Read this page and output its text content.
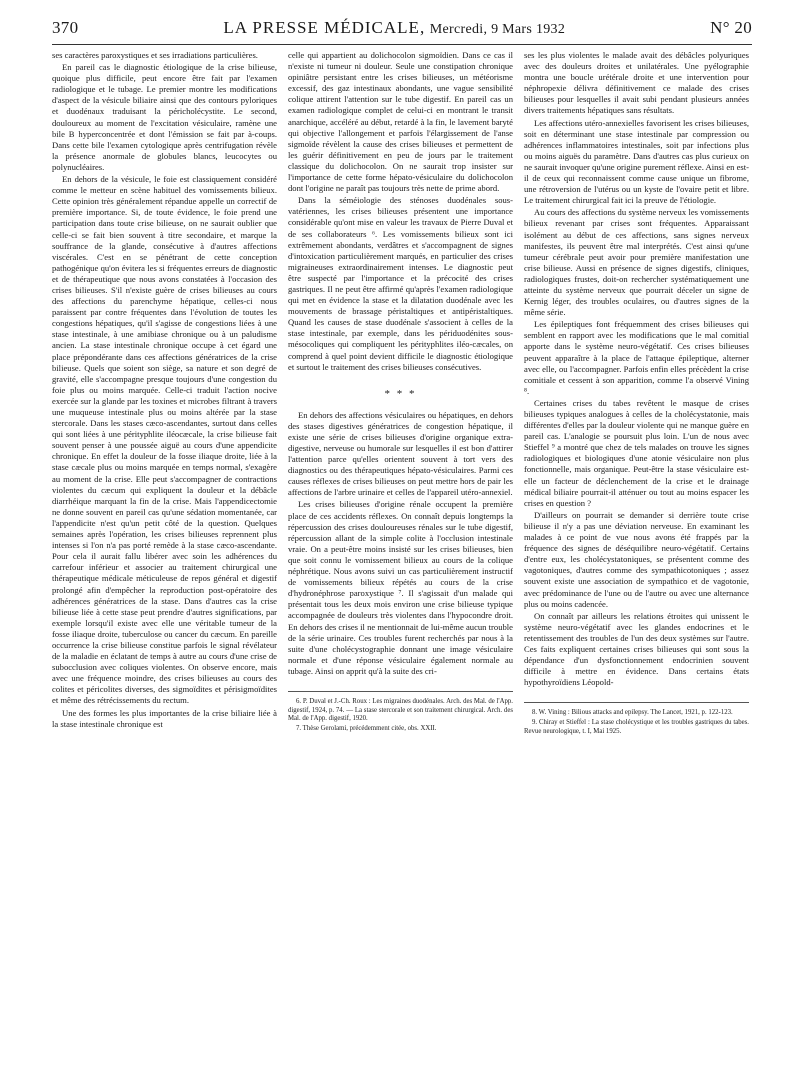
370	LA PRESSE MÉDICALE, Mercredi, 9 Mars 1932	N° 20

ses caractères paroxystiques et ses irradiations particulières.

En pareil cas le diagnostic étiologique de la crise bilieuse, quoique plus difficile, peut encore être fait par l'examen radiologique et le tubage. Le premier montre les modifications d'aspect de la vésicule biliaire ainsi que des contours pyloriques et duodénaux traduisant la péricholécystite. Le second, douloureux au moment de l'excitation vésiculaire, ramène une bile B hyperconcentrée et dont l'émission se fait par à-coups. Dans cette bile l'examen cytologique après centrifugation révèle la présence anormale de globules blancs, leucocytes ou polynucléaires.

En dehors de la vésicule, le foie est classiquement considéré comme le metteur en scène habituel des vomissements bilieux. Cette opinion très généralement répandue appelle un correctif de première importance. Si, de toute évidence, le foie prend une participation dans toute crise bilieuse, on ne saurait oublier que celle-ci se fait bien souvent à titre secondaire, et marque la souffrance de la glande, consécutive à d'autres affections viscérales. C'est en se pénétrant de cette conception pathogénique qu'on évitera les si fréquentes erreurs de diagnostic et de thérapeutique que nous avons constatées à l'occasion des crises bilieuses. S'il n'existe guère de crises bilieuses au cours des affections du parenchyme hépatique, celles-ci nous paraissent par contre fréquentes dans l'évolution de toutes les congestions hépatiques, qu'il s'agisse de congestions liées à une stase intestinale, à une amibiase chronique ou à un paludisme ancien. La stase intestinale chronique occupe à cet égard une place prépondérante dans ces affections génératrices de la crise bilieuse. Quels que soient son siège, sa nature et son degré de gravité, elle s'accompagne presque toujours d'une congestion du foie plus ou moins marquée. Celle-ci traduit l'action nocive exercée sur la glande par les toxines et microbes filtrant à travers une muqueuse intestinale plus ou moins altérée par la stase stercorale. Dans les stases cæco-ascendantes, surtout dans celles qui sont liées à une pérityphlite iléocæcale, la crise bilieuse fait souvent penser à une poussée aiguë au cours d'une appendicite chronique. En effet la douleur de la fosse iliaque droite, liée à la stase cæcale plus ou moins marquée en temps normal, s'exagère au moment de la crise. Elle peut s'accompagner de contractions violentes du cæcum qui expliquent la douleur et la débâcle diarrhéique marquant la fin de la crise. Mais l'appendicectomie ne donne souvent en pareil cas qu'une sédation momentanée, car l'appendicite n'est qu'un petit côté de la question. Quelques semaines après l'opération, les crises bilieuses reprennent plus intenses si l'on n'a pas porté remède à la stase cæco-ascendante. Pour cela il aurait fallu libérer avec soin les adhérences du carrefour inférieur et associer au traitement chirurgical une thérapeutique médicale méticuleuse de repos général et digestif prolongé afin d'empêcher la reproduction post-opératoire des adhérences génératrices de la stase. Dans d'autres cas la crise bilieuse liée à cette stase peut prendre d'autres significations, par exemple lorsqu'il existe avec elle une véritable tumeur de la fosse iliaque droite, tuberculose ou cancer du cæcum. En pareille occurrence la crise bilieuse constitue parfois le signal révélateur de la maladie en éclatant de temps à autre au cours d'une crise de subocclusion avec coliques violentes. On observe encore, mais avec une fréquence moindre, des crises bilieuses au cours des colites et péricolites diverses, des sigmoïdites et périsigmoïdites et même des rétrécissements du rectum.

Une des formes les plus importantes de la crise biliaire liée à la stase intestinale chronique est

celle qui appartient au dolichocolon sigmoïdien. Dans ce cas il n'existe ni tumeur ni douleur. Seule une constipation chronique opiniâtre persistant entre les crises bilieuses, un météorisme excessif, des gaz intestinaux abondants, une vague sensibilité colique attirent l'attention sur le tube digestif. En pareil cas un examen radiologique complet de celui-ci en montrant le transit anarchique, accéléré au début, retardé à la fin, le lavement baryté qui objective l'allongement et parfois l'élargissement de l'anse sigmoïde révèlent la cause des crises bilieuses et permettent de les guérir définitivement en peu de jours par le traitement classique du dolichocolon. On ne saurait trop insister sur l'importance de cette forme hépato-vésiculaire du dolichocolon dont l'origine ne paraît pas toujours très nette de prime abord.

Dans la séméiologie des sténoses duodénales sous-vatériennes, les crises bilieuses présentent une importance considérable qu'ont mise en valeur les travaux de Pierre Duval et de ses collaborateurs ⁶. Les vomissements bilieux sont ici extrêmement abondants, verdâtres et s'accompagnent de signes d'intoxication particulièrement marqués, en particulier des crises migraineuses extraordinairement intenses. Le diagnostic peut être suspecté par l'importance et la précocité des crises gastriques. Il ne peut être affirmé qu'après l'examen radiologique qui met en évidence la stase et la dilatation duodénale avec les mouvements de brassage péristaltiques et antipéristaltiques. Quand les causes de stase duodénale s'associent à celles de la stase intestinale, par exemple, dans les périduodénites sous-mésocoliques qui compliquent les pérityphlites iléo-cæcales, on comprend à quel point devient difficile le diagnostic étiologique et surtout le traitement des crises bilieuses consécutives.

* * *

En dehors des affections vésiculaires ou hépatiques, en dehors des stases digestives génératrices de congestion hépatique, il existe une série de crises bilieuses d'origine organique extra-digestive, nerveuse ou humorale sur lesquelles il est bon d'attirer l'attention parce qu'elles orientent souvent à tort vers des diagnostics ou des thérapeutiques hépato-vésiculaires. Parmi ces causes réflexes de crises bilieuses on peut mettre hors de pair les affections de l'arbre urinaire et celles de l'appareil utéro-annexiel.

Les crises bilieuses d'origine rénale occupent la première place de ces accidents réflexes. On connaît depuis longtemps la répercussion des crises douloureuses rénales sur le tube digestif, répercussion allant de la simple colite à l'occlusion intestinale vraie. On a peut-être moins insisté sur les crises bilieuses, bien que soit connu le vomissement bilieux au cours de la colique néphrétique. Nous avons suivi un cas particulièrement instructif de vomissements bilieux répétés au cours de la crise d'hydronéphrose paroxystique ⁷. Il s'agissait d'un malade qui présentait tous les deux mois environ une crise bilieuse typique accompagnée de douleurs très violentes dans l'hypocondre droit. En dehors des crises il ne mentionnait de lui-même aucun trouble de la série urinaire. Ces troubles furent recherchés par nous à la suite d'une cholécystographie donnant une image vésiculaire normale et d'une réponse vésiculaire également normale au tubage. Ainsi on apprit qu'à la suite des cri-

6. P. Duval et J.-Ch. Roux : Les migraines duodénales. Arch. des Mal. de l'App. digestif, 1924, p. 74. — La stase stercorale et son traitement chirurgical. Arch. des Mal. de l'App. digestif, 1920.

7. Thèse Gerolami, précédemment citée, obs. XXII.

ses les plus violentes le malade avait des débâcles polyuriques avec des douleurs droites et unilatérales. Une pyélographie montra une boucle urétérale droite et une intervention pour néphropexie délivra définitivement ce malade des crises bilieuses pour lesquelles il avait subi pendant plusieurs années divers traitements hépatiques sans résultats.

Les affections utéro-annexielles favorisent les crises bilieuses, soit en déterminant une stase intestinale par compression ou adhérences inflammatoires intestinales, soit par infections plus ou moins aiguës du paramètre. Dans d'autres cas plus curieux on ne saurait invoquer qu'une origine purement réflexe. Ainsi en est-il de ceux qui reconnaissent comme cause unique un fibrome, une rétroversion de l'utérus ou un kyste de l'ovaire petit et libre. Le traitement chirurgical fait ici la preuve de l'étiologie.

Au cours des affections du système nerveux les vomissements bilieux revenant par crises sont fréquentes. Apparaissant isolément au début de ces affections, sans signes nerveux manifestes, ils peuvent être mal interprétés. C'est ainsi qu'une tumeur cérébrale peut avoir pour première manifestation une crise bilieuse. Aussi en présence de signes digestifs, cliniques, radiologiques frustes, doit-on rechercher systématiquement une atteinte du système nerveux que pourrait déceler un signe de Kernig léger, des troubles oculaires, ou d'autres signes de la même série.

Les épileptiques font fréquemment des crises bilieuses qui semblent en rapport avec les modifications que le mal comitial apporte dans le système neuro-végétatif. Ces crises bilieuses peuvent apparaître à la place de l'attaque épileptique, alterner avec elle, ou l'accompagner. Parfois enfin elles précèdent la crise comitiale et cessent à son apparition, comme l'a observé Vining ⁸.

Certaines crises du tabes revêtent le masque de crises bilieuses typiques analogues à celles de la cholécystatonie, mais différentes d'elles par la douleur violente qui ne manque guère en pareil cas. L'analogie se poursuit plus loin. L'un de nous avec Stieffel ⁹ a montré que chez de tels malades on trouve les signes radiologiques et biologiques d'une atonie vésiculaire non plus fonctionnelle, mais organique. Peut-être la stase vésiculaire est-elle un facteur de déclenchement de la crise et le drainage médical biliaire pourrait-il atténuer ou tout au moins espacer les crises en question ?

D'ailleurs on pourrait se demander si derrière toute crise bilieuse il n'y a pas une déviation nerveuse. En examinant les malades à ce point de vue nous avons été frappés par la fréquence des signes de déséquilibre neuro-végétatif. Certains d'entre eux, les cholécystatoniques, se présentent comme des vagotoniques, d'autres comme des sympathicotoniques ; assez souvent existe une association de sympathico et de vagotonie, avec prédominance de l'une ou de l'autre ou avec une alternance plus ou moins cadencée.

On connaît par ailleurs les relations étroites qui unissent le système neuro-végétatif avec les glandes endocrines et le retentissement des troubles de l'un des deux systèmes sur l'autre. Ces faits expliquent certaines crises bilieuses qui sont sous la dépendance d'un dysfonctionnement endocrinien souvent difficile à mettre en évidence. Dans certains états hypothyroïdiens Léopold-

8. W. Vining : Bilious attacks and epilepsy. The Lancet, 1921, p. 122-123.

9. Chiray et Stieffel : La stase cholécystique et les troubles gastriques du tabes. Revue neurologique, t. I, Mai 1925.
